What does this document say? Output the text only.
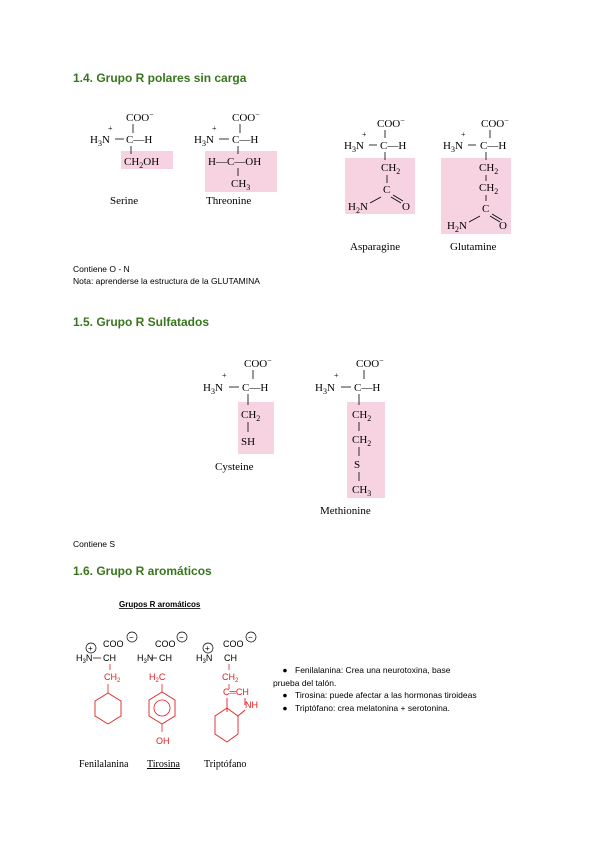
1.4. Grupo R polares sin carga
1.5. Grupo R Sulfatados
1.6. Grupo R aromáticos

Contiene O - N

Nota: aprenderse la estructura de la GLUTAMINA

Contiene S

COO−
$H_3N$
+
C—H
$CH_2OH$
Serine
COO−
$H_3N$
+
C—H
H—C—OH
$CH_3$
Threonine
COO−
$H_3N$
+
C—H
$CH_2$
C
$H_2N$	O
Asparagine
COO−
$H_3N$
+
C—H
$CH_2$
$CH_2$
C
$H_2N$	O
Glutamine
COO−
$H_3N$
+
C—H
$CH_2$
SH
Cysteine
COO−
$H_3N$
+
C—H
$CH_2$
$CH_2$
S
$CH_3$
Methionine
Grupos R aromáticos
COO
−
+
$H_3N$ CH
$CH_2$
Fenilalanina
COO
−
$H_3N$ CH
$H_2C$
OH
Tirosina
COO
−
+
$H_3N$ CH
$CH_2$
C═CH
NH
Triptófano
● Fenilalanina: Crea una neurotoxina, base
prueba del talón.
● Tirosina: puede afectar a las hormonas tiroideas
● Triptófano: crea melatonina + serotonina.
